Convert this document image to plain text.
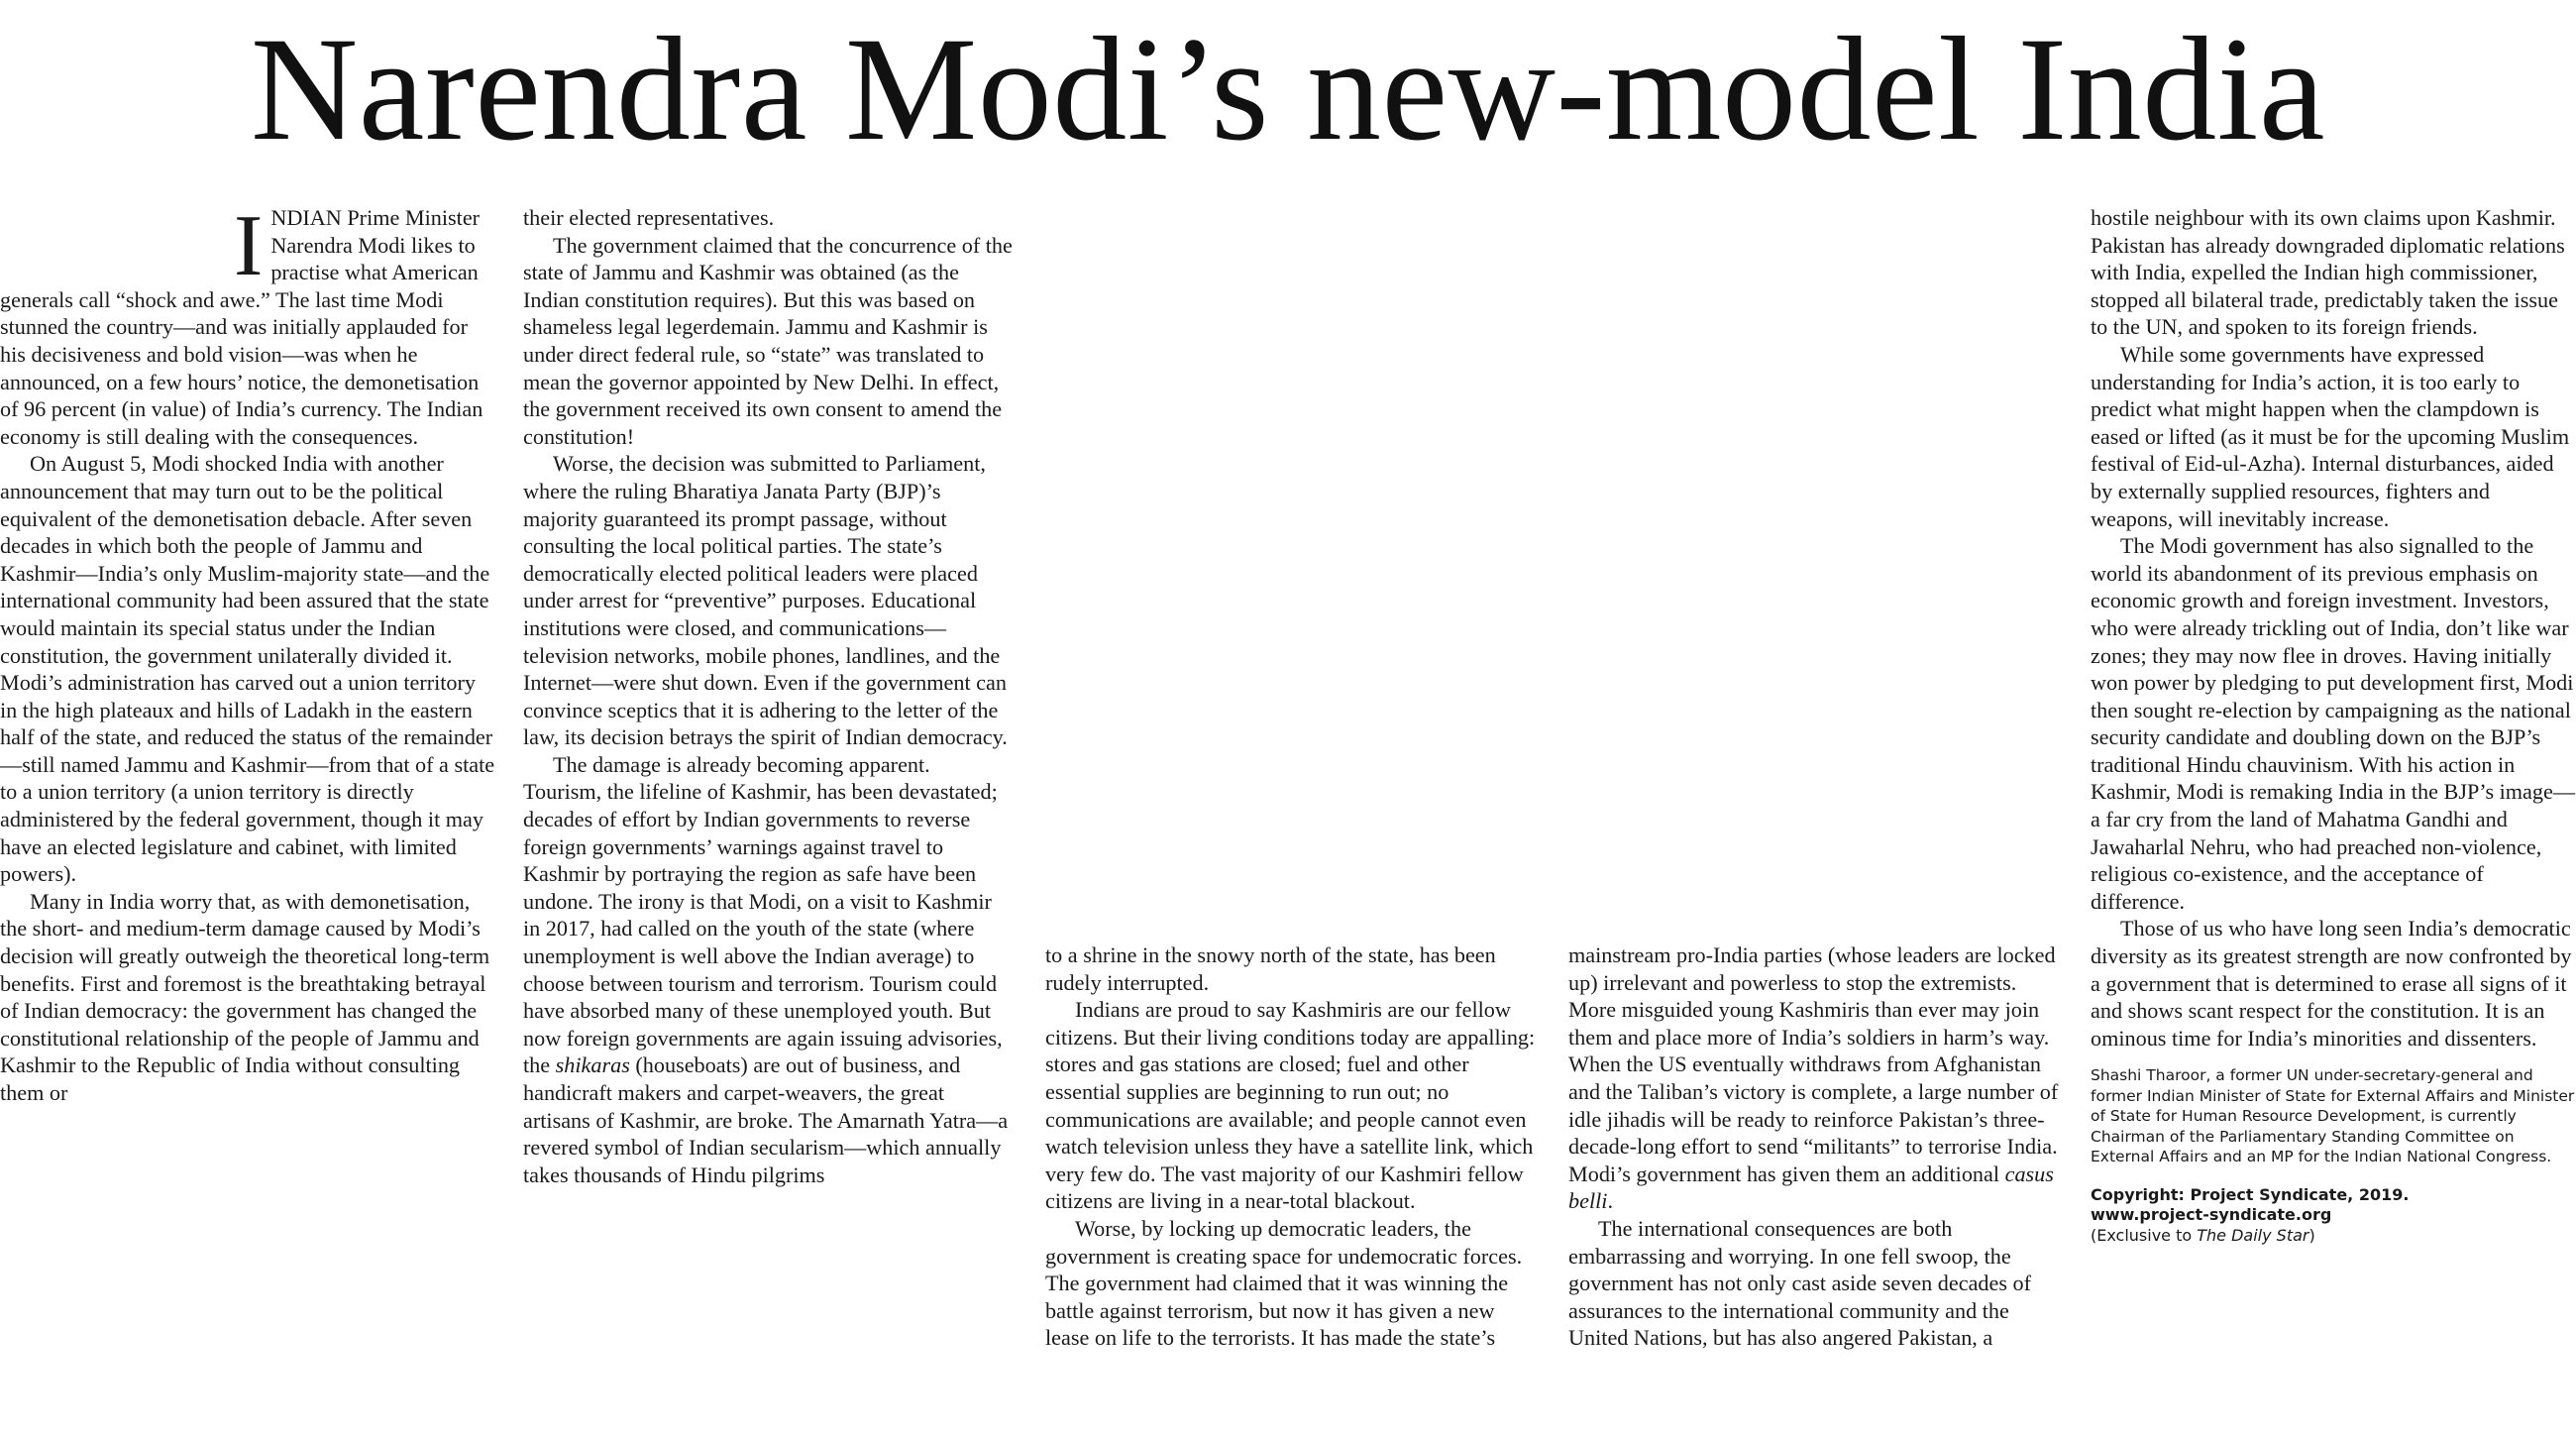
Narendra Modi’s new-model India

INDIAN Prime Minister Narendra Modi likes to practise what American generals call “shock and awe.” The last time Modi stunned the country—and was initially applauded for his decisiveness and bold vision—was when he announced, on a few hours’ notice, the demonetisation of 96 percent (in value) of India’s currency. The Indian economy is still dealing with the consequences.

On August 5, Modi shocked India with another announcement that may turn out to be the political equivalent of the demonetisation debacle. After seven decades in which both the people of Jammu and Kashmir—India’s only Muslim-majority state—and the international community had been assured that the state would maintain its special status under the Indian constitution, the government unilaterally divided it. Modi’s administration has carved out a union territory in the high plateaux and hills of Ladakh in the eastern half of the state, and reduced the status of the remainder—still named Jammu and Kashmir—from that of a state to a union territory (a union territory is directly administered by the federal government, though it may have an elected legislature and cabinet, with limited powers).

Many in India worry that, as with demonetisation, the short- and medium-term damage caused by Modi’s decision will greatly outweigh the theoretical long-term benefits. First and foremost is the breathtaking betrayal of Indian democracy: the government has changed the constitutional relationship of the people of Jammu and Kashmir to the Republic of India without consulting them or

their elected representatives.

The government claimed that the concurrence of the state of Jammu and Kashmir was obtained (as the Indian constitution requires). But this was based on shameless legal legerdemain. Jammu and Kashmir is under direct federal rule, so “state” was translated to mean the governor appointed by New Delhi. In effect, the government received its own consent to amend the constitution!

Worse, the decision was submitted to Parliament, where the ruling Bharatiya Janata Party (BJP)’s majority guaranteed its prompt passage, without consulting the local political parties. The state’s democratically elected political leaders were placed under arrest for “preventive” purposes. Educational institutions were closed, and communications—television networks, mobile phones, landlines, and the Internet—were shut down. Even if the government can convince sceptics that it is adhering to the letter of the law, its decision betrays the spirit of Indian democracy.

The damage is already becoming apparent. Tourism, the lifeline of Kashmir, has been devastated; decades of effort by Indian governments to reverse foreign governments’ warnings against travel to Kashmir by portraying the region as safe have been undone. The irony is that Modi, on a visit to Kashmir in 2017, had called on the youth of the state (where unemployment is well above the Indian average) to choose between tourism and terrorism. Tourism could have absorbed many of these unemployed youth. But now foreign governments are again issuing advisories, the shikaras (houseboats) are out of business, and handicraft makers and carpet-weavers, the great artisans of Kashmir, are broke. The Amarnath Yatra—a revered symbol of Indian secularism—which annually takes thousands of Hindu pilgrims

to a shrine in the snowy north of the state, has been rudely interrupted.

Indians are proud to say Kashmiris are our fellow citizens. But their living conditions today are appalling: stores and gas stations are closed; fuel and other essential supplies are beginning to run out; no communications are available; and people cannot even watch television unless they have a satellite link, which very few do. The vast majority of our Kashmiri fellow citizens are living in a near-total blackout.

Worse, by locking up democratic leaders, the government is creating space for undemocratic forces. The government had claimed that it was winning the battle against terrorism, but now it has given a new lease on life to the terrorists. It has made the state’s

mainstream pro-India parties (whose leaders are locked up) irrelevant and powerless to stop the extremists. More misguided young Kashmiris than ever may join them and place more of India’s soldiers in harm’s way. When the US eventually withdraws from Afghanistan and the Taliban’s victory is complete, a large number of idle jihadis will be ready to reinforce Pakistan’s three-decade-long effort to send “militants” to terrorise India. Modi’s government has given them an additional casus belli.

The international consequences are both embarrassing and worrying. In one fell swoop, the government has not only cast aside seven decades of assurances to the international community and the United Nations, but has also angered Pakistan, a

hostile neighbour with its own claims upon Kashmir. Pakistan has already downgraded diplomatic relations with India, expelled the Indian high commissioner, stopped all bilateral trade, predictably taken the issue to the UN, and spoken to its foreign friends.

While some governments have expressed understanding for India’s action, it is too early to predict what might happen when the clampdown is eased or lifted (as it must be for the upcoming Muslim festival of Eid-ul-Azha). Internal disturbances, aided by externally supplied resources, fighters and weapons, will inevitably increase.

The Modi government has also signalled to the world its abandonment of its previous emphasis on economic growth and foreign investment. Investors, who were already trickling out of India, don’t like war zones; they may now flee in droves. Having initially won power by pledging to put development first, Modi then sought re-election by campaigning as the national security candidate and doubling down on the BJP’s traditional Hindu chauvinism. With his action in Kashmir, Modi is remaking India in the BJP’s image—a far cry from the land of Mahatma Gandhi and Jawaharlal Nehru, who had preached non-violence, religious co-existence, and the acceptance of difference.

Those of us who have long seen India’s democratic diversity as its greatest strength are now confronted by a government that is determined to erase all signs of it and shows scant respect for the constitution. It is an ominous time for India’s minorities and dissenters.

Shashi Tharoor, a former UN under-secretary-general and former Indian Minister of State for External Affairs and Minister of State for Human Resource Development, is currently Chairman of the Parliamentary Standing Committee on External Affairs and an MP for the Indian National Congress.

Copyright: Project Syndicate, 2019.
www.project-syndicate.org
(Exclusive to The Daily Star)
